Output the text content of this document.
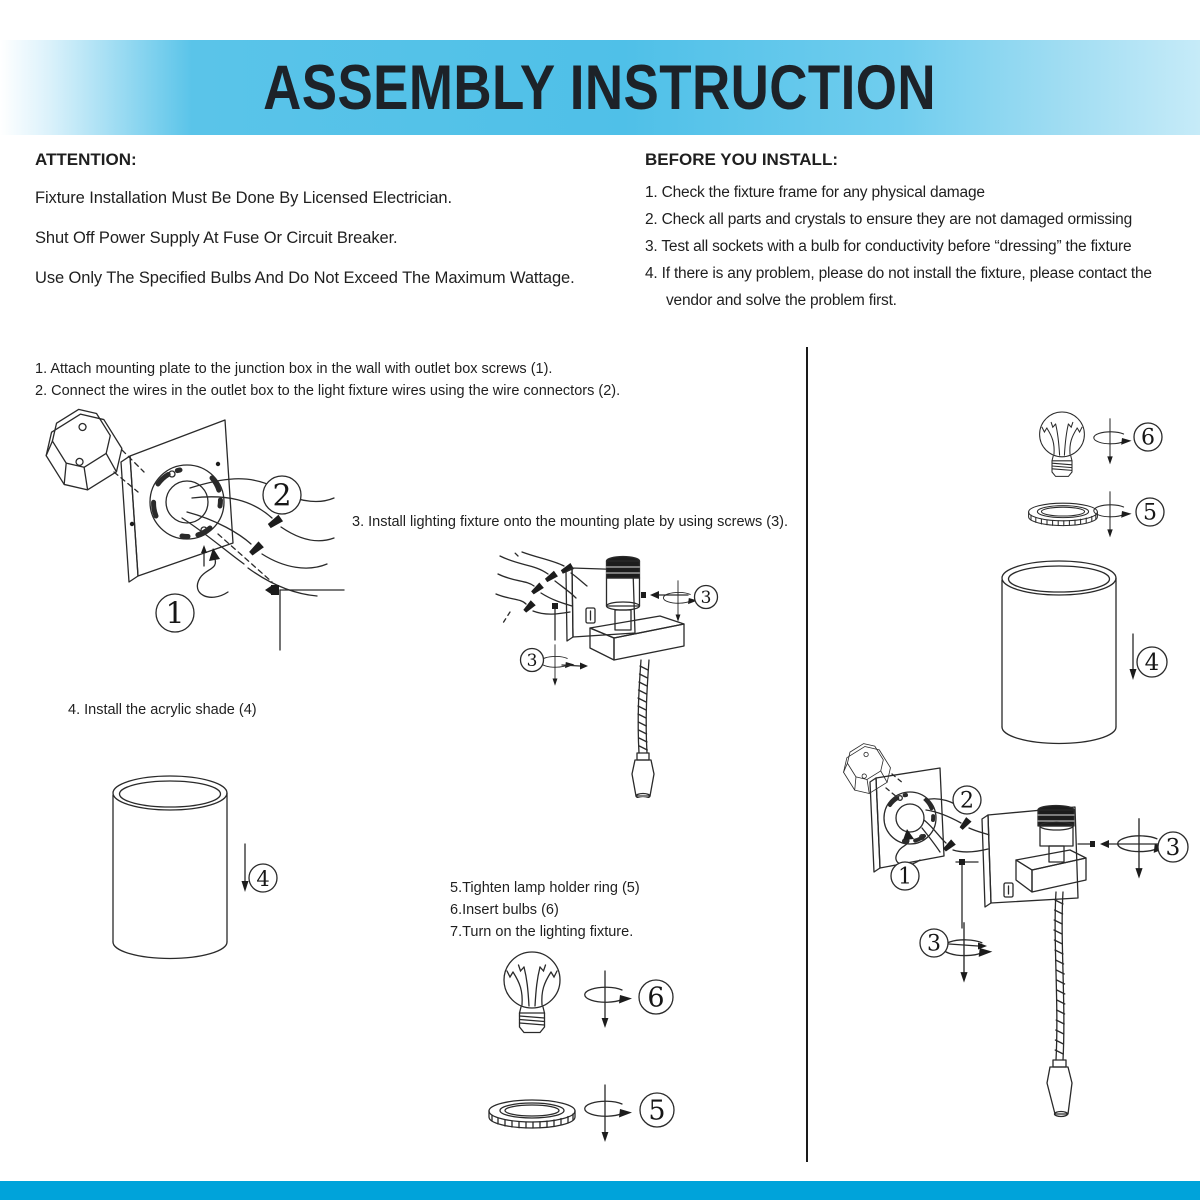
ASSEMBLY INSTRUCTION
ATTENTION:
Fixture Installation Must Be Done By Licensed Electrician.
Shut Off Power Supply At Fuse Or Circuit Breaker.
Use Only The Specified Bulbs And Do Not Exceed The Maximum Wattage.
BEFORE YOU INSTALL:
1. Check the fixture frame for any physical damage
2. Check all parts and crystals to ensure they are not damaged ormissing
3. Test all sockets with a bulb for conductivity before “dressing” the fixture
4. If there is any problem, please do not install the fixture, please contact the vendor and solve the problem first.
1. Attach mounting plate to the junction box in the wall with outlet box screws (1).
2. Connect the wires in the outlet box to the light fixture wires using the wire connectors (2).
3. Install lighting fixture onto the mounting plate by using screws (3).
4. Install the acrylic shade (4)
5.Tighten lamp holder ring (5)
6.Insert bulbs (6)
7.Turn on the lighting fixture.
1
2
3
3
4
6
5
6
5
4
1
2
3
3
